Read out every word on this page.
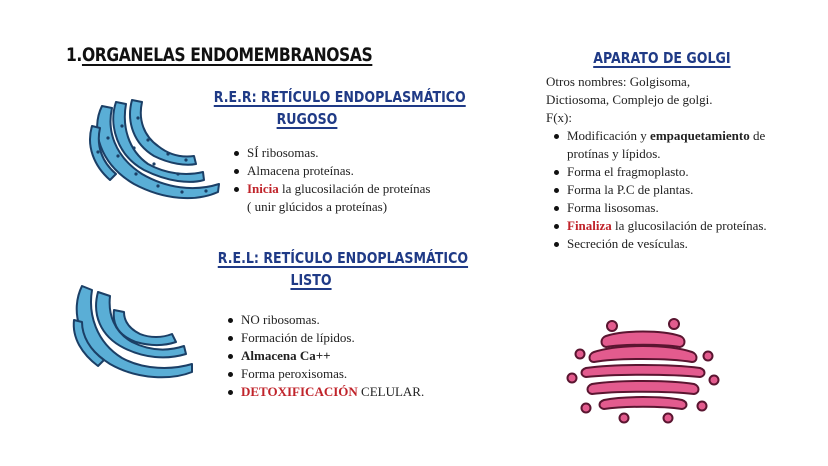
1.ORGANELAS ENDOMEMBRANOSAS
R.E.R: RETÍCULO ENDOPLASMÁTICO
RUGOSO
SÍ ribosomas.
Almacena proteínas.
Inicia la glucosilación de proteínas
( unir glúcidos a proteínas)
R.E.L: RETÍCULO ENDOPLASMÁTICO
LISTO
NO ribosomas.
Formación de lípidos.
Almacena Ca++
Forma peroxisomas.
DETOXIFICACIÓN CELULAR.
APARATO DE GOLGI
Otros nombres: Golgisoma,
Dictiosoma, Complejo de golgi.
F(x):
Modificación y empaquetamiento de protínas y lípidos.
Forma el fragmoplasto.
Forma la P.C de plantas.
Forma lisosomas.
Finaliza la glucosilación de proteínas.
Secreción de vesículas.
